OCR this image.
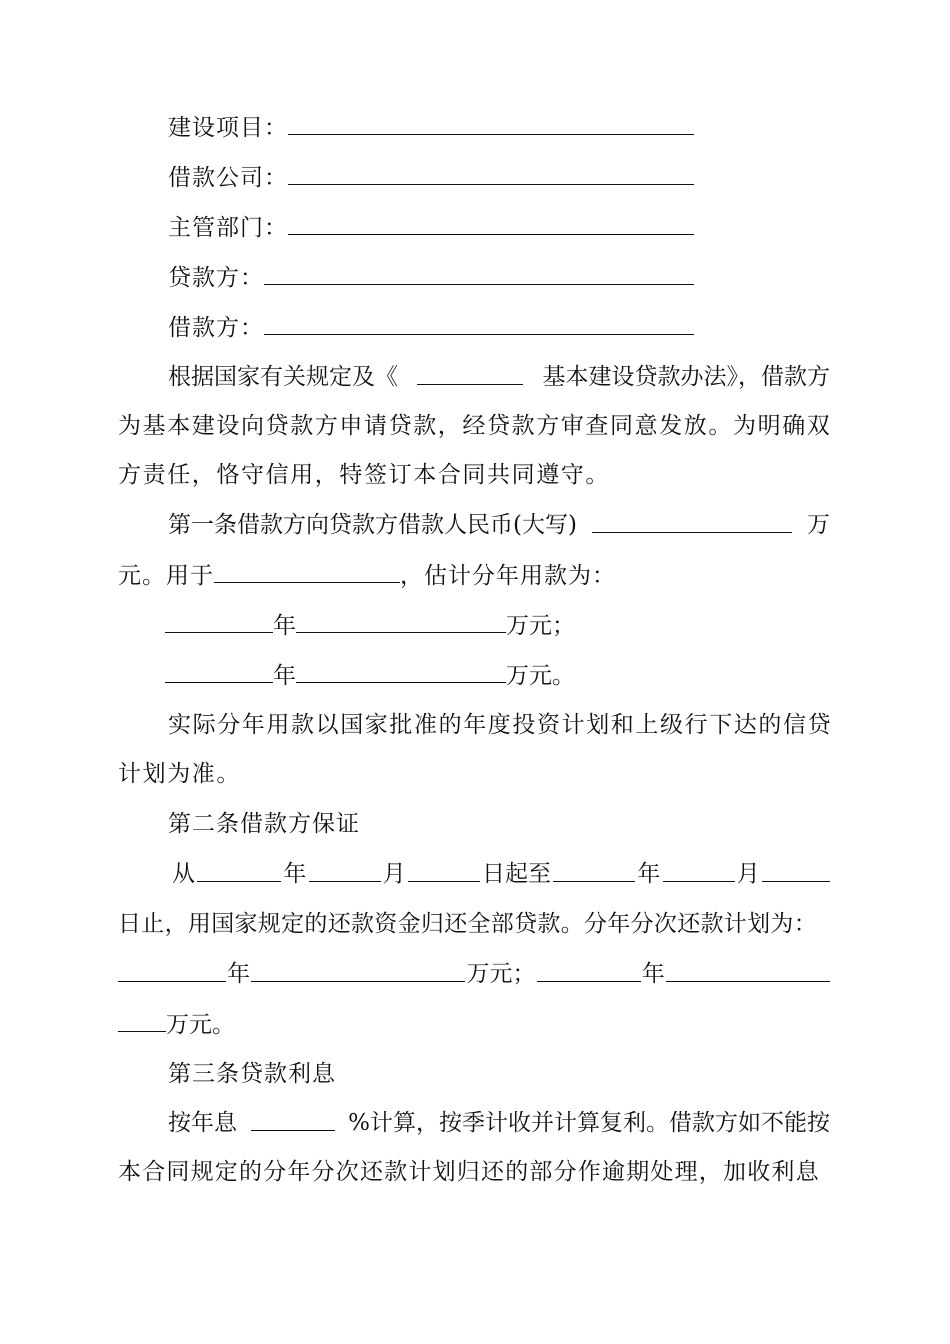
建设项目：
借款公司：
主管部门：
贷款方：
借款方：
根据国家有关规定及《	基本建设贷款办法》，借款方
为基本建设向贷款方申请贷款，经贷款方审查同意发放。为明确双
方责任，恪守信用，特签订本合同共同遵守。
第一条借款方向贷款方借款人民币(大写)	万
元。用于	，估计分年用款为：
年	万元；
年	万元。
实际分年用款以国家批准的年度投资计划和上级行下达的信贷
计划为准。
第二条借款方保证
从	年	月	日起至	年	月
日止，用国家规定的还款资金归还全部贷款。分年分次还款计划为：
年	万元；	年
万元。
第三条贷款利息
按年息	%计算，按季计收并计算复利。借款方如不能按
本合同规定的分年分次还款计划归还的部分作逾期处理，加收利息
